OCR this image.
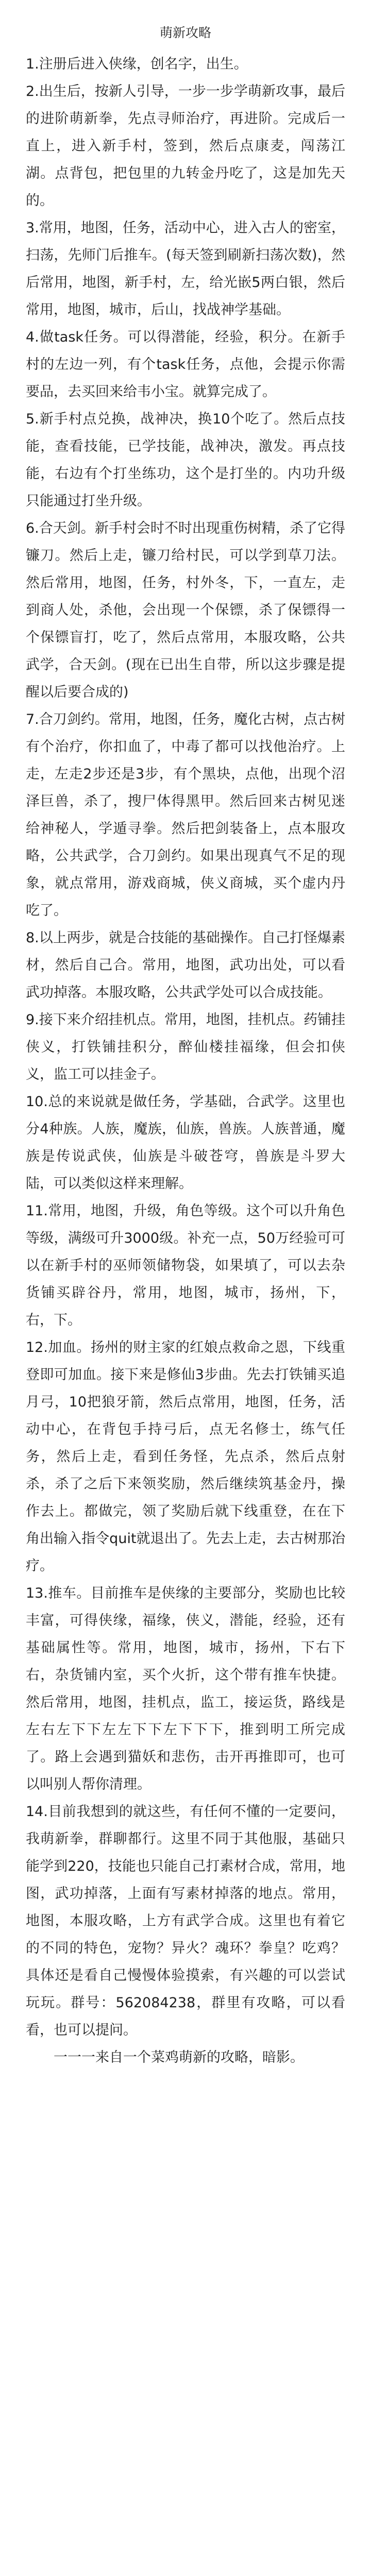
萌新攻略

1.注册后进入侠缘，创名字，出生。

2.出生后，按新人引导，一步一步学萌新攻事，最后的进阶萌新拳，先点寻师治疗，再进阶。完成后一直上，进入新手村，签到，然后点康麦，闯荡江湖。点背包，把包里的九转金丹吃了，这是加先天的。

3.常用，地图，任务，活动中心，进入古人的密室，扫荡，先师门后推车。(每天签到刷新扫荡次数)，然后常用，地图，新手村，左，给光嵌5两白银，然后常用，地图，城市，后山，找战神学基础。

4.做task任务。可以得潜能，经验，积分。在新手村的左边一列，有个task任务，点他，会提示你需要品，去买回来给韦小宝。就算完成了。

5.新手村点兑换，战神决，换10个吃了。然后点技能，查看技能，已学技能，战神决，激发。再点技能，右边有个打坐练功，这个是打坐的。内功升级只能通过打坐升级。

6.合天剑。新手村会时不时出现重伤树精，杀了它得镰刀。然后上走，镰刀给村民，可以学到草刀法。然后常用，地图，任务，村外冬，下，一直左，走到商人处，杀他，会出现一个保镖，杀了保镖得一个保镖盲打，吃了，然后点常用，本服攻略，公共武学，合天剑。(现在已出生自带，所以这步骤是提醒以后要合成的)

7.合刀剑约。常用，地图，任务，魔化古树，点古树有个治疗，你扣血了，中毒了都可以找他治疗。上走，左走2步还是3步，有个黑块，点他，出现个沼泽巨兽，杀了，搜尸体得黑甲。然后回来古树见迷给神秘人，学遁寻拳。然后把剑装备上，点本服攻略，公共武学，合刀剑约。如果出现真气不足的现象，就点常用，游戏商城，侠义商城，买个虚内丹吃了。

8.以上两步，就是合技能的基础操作。自己打怪爆素材，然后自己合。常用，地图，武功出处，可以看武功掉落。本服攻略，公共武学处可以合成技能。

9.接下来介绍挂机点。常用，地图，挂机点。药铺挂侠义，打铁铺挂积分，醉仙楼挂福缘，但会扣侠义，监工可以挂金子。

10.总的来说就是做任务，学基础，合武学。这里也分4种族。人族，魔族，仙族，兽族。人族普通，魔族是传说武侠，仙族是斗破苍穹，兽族是斗罗大陆，可以类似这样来理解。

11.常用，地图，升级，角色等级。这个可以升角色等级，满级可升3000级。补充一点，50万经验可可以在新手村的巫师领储物袋，如果填了，可以去杂货铺买辟谷丹，常用，地图，城市，扬州，下，右，下。

12.加血。扬州的财主家的红娘点救命之恩，下线重登即可加血。接下来是修仙3步曲。先去打铁铺买追月弓，10把狼牙箭，然后点常用，地图，任务，活动中心，在背包手持弓后，点无名修士，练气任务，然后上走，看到任务怪，先点杀，然后点射杀，杀了之后下来领奖励，然后继续筑基金丹，操作去上。都做完，领了奖励后就下线重登，在在下角出输入指令quit就退出了。先去上走，去古树那治疗。

13.推车。目前推车是侠缘的主要部分，奖励也比较丰富，可得侠缘，福缘，侠义，潜能，经验，还有基础属性等。常用，地图，城市，扬州，下右下右，杂货铺内室，买个火折，这个带有推车快捷。然后常用，地图，挂机点，监工，接运货，路线是左右左下下左左下下左下下下，推到明工所完成了。路上会遇到猫妖和悲伤，击开再推即可，也可以叫别人帮你清理。

14.目前我想到的就这些，有任何不懂的一定要问，我萌新拳，群聊都行。这里不同于其他服，基础只能学到220，技能也只能自己打素材合成，常用，地图，武功掉落，上面有写素材掉落的地点。常用，地图，本服攻略，上方有武学合成。这里也有着它的不同的特色，宠物？异火？魂环？拳皇？吃鸡？具体还是看自己慢慢体验摸索，有兴趣的可以尝试玩玩。群号：562084238，群里有攻略，可以看看，也可以提问。

一一一来自一个菜鸡萌新的攻略，暗影。
